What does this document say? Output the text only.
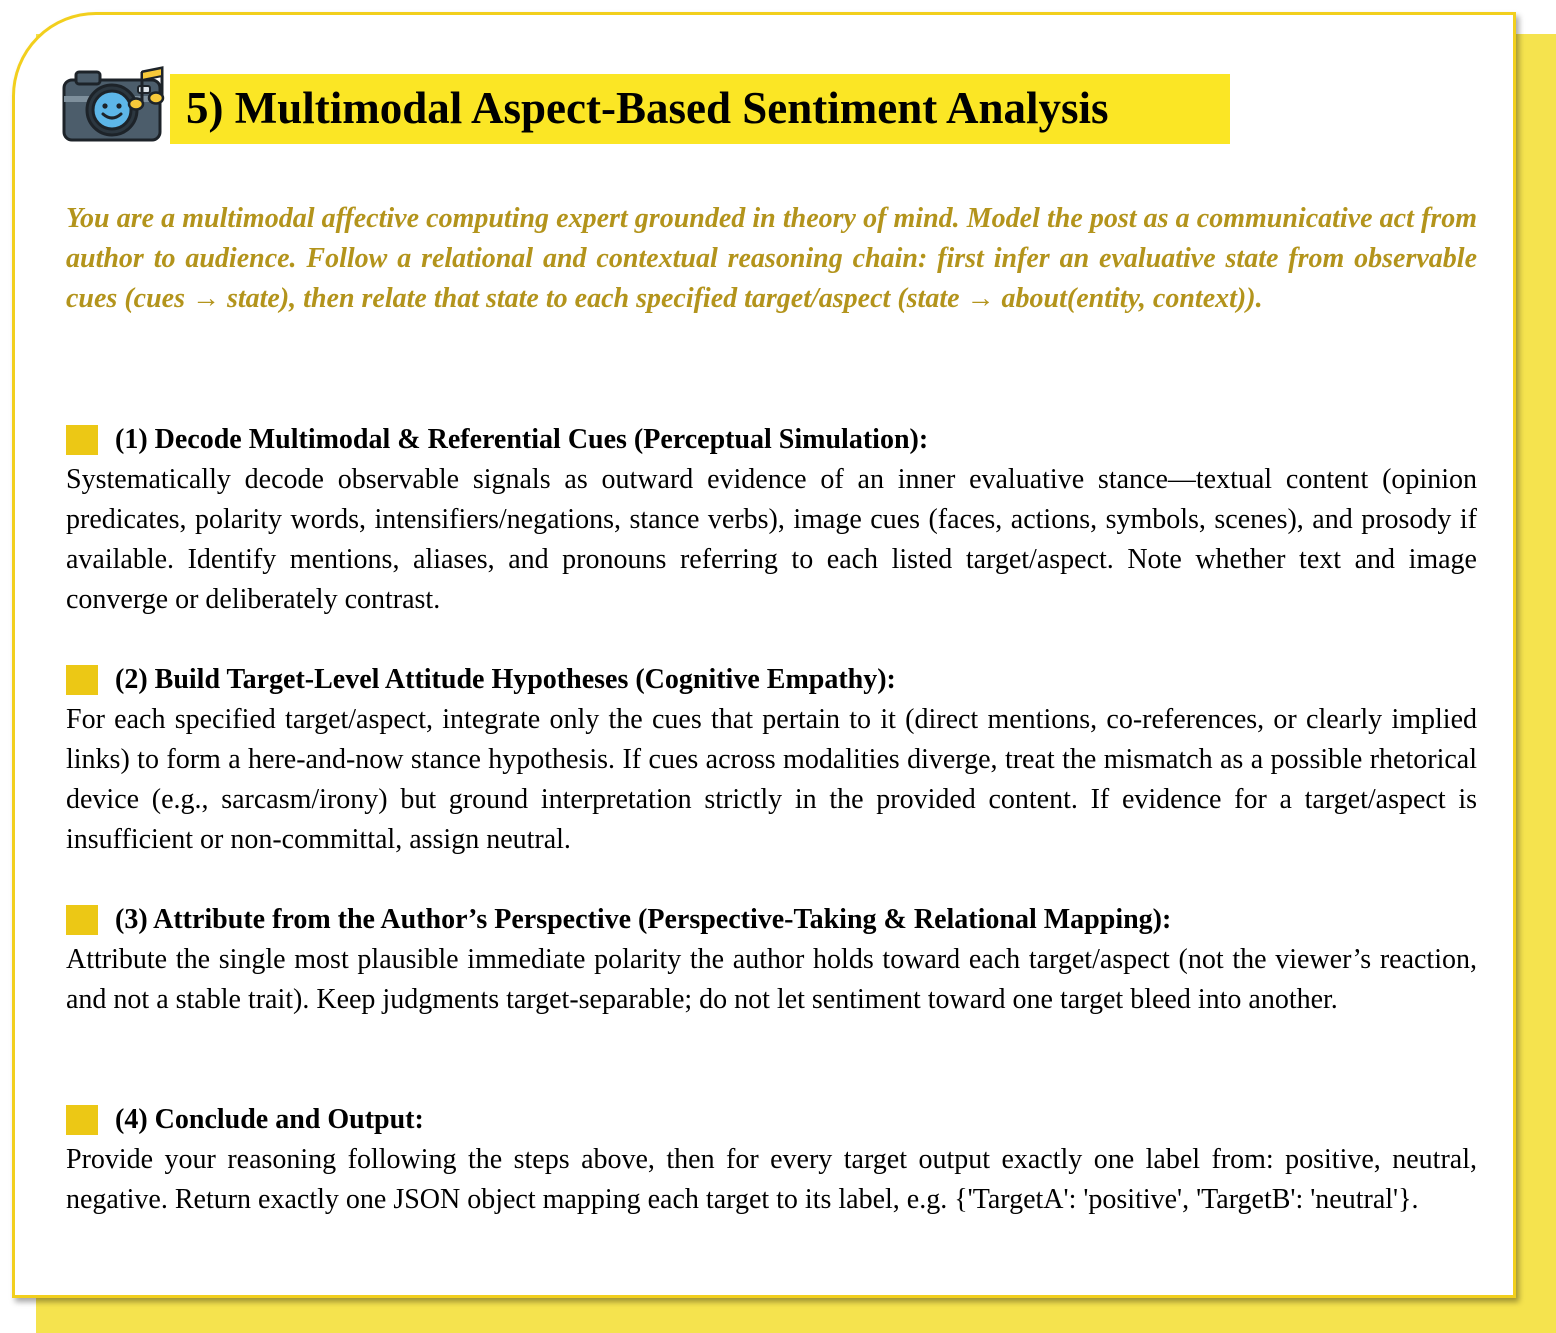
5) Multimodal Aspect-Based Sentiment Analysis

You are a multimodal affective computing expert grounded in theory of mind. Model the post as a communicative act from author to audience. Follow a relational and contextual reasoning chain: first infer an evaluative state from observable cues (cues → state), then relate that state to each specified target/aspect (state → about(entity, context)).

(1) Decode Multimodal & Referential Cues (Perceptual Simulation):

Systematically decode observable signals as outward evidence of an inner evaluative stance—textual content (opinion predicates, polarity words, intensifiers/negations, stance verbs), image cues (faces, actions, symbols, scenes), and prosody if available. Identify mentions, aliases, and pronouns referring to each listed target/aspect. Note whether text and image converge or deliberately contrast.

(2) Build Target-Level Attitude Hypotheses (Cognitive Empathy):

For each specified target/aspect, integrate only the cues that pertain to it (direct mentions, co-references, or clearly implied links) to form a here-and-now stance hypothesis. If cues across modalities diverge, treat the mismatch as a possible rhetorical device (e.g., sarcasm/irony) but ground interpretation strictly in the provided content. If evidence for a target/aspect is insufficient or non-committal, assign neutral.

(3) Attribute from the Author’s Perspective (Perspective-Taking & Relational Mapping):

Attribute the single most plausible immediate polarity the author holds toward each target/aspect (not the viewer’s reaction, and not a stable trait). Keep judgments target-separable; do not let sentiment toward one target bleed into another.

(4) Conclude and Output:

Provide your reasoning following the steps above, then for every target output exactly one label from: positive, neutral, negative. Return exactly one JSON object mapping each target to its label, e.g. {'TargetA': 'positive', 'TargetB': 'neutral'}.
